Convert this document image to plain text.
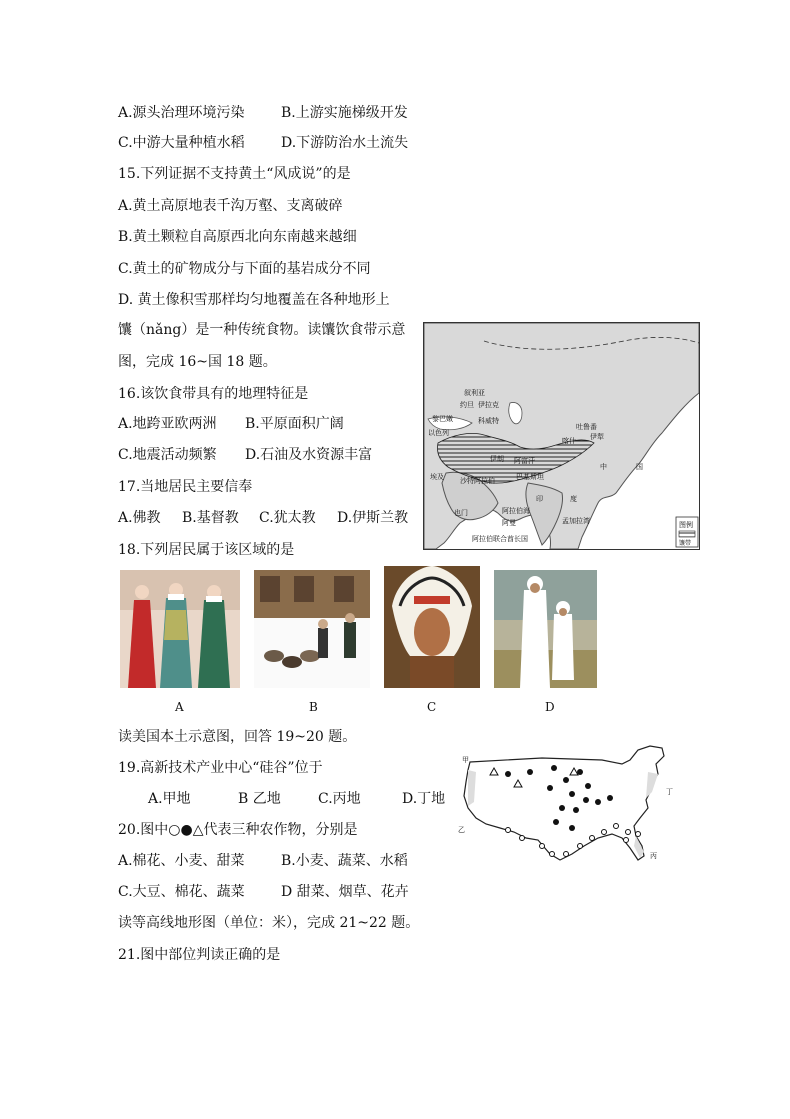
A.源头治理环境污染	B.上游实施梯级开发
C.中游大量种植水稻	D.下游防治水土流失
15.下列证据不支持黄土“风成说”的是
A.黄土高原地表千沟万壑、支离破碎
B.黄土颗粒自高原西北向东南越来越细
C.黄土的矿物成分与下面的基岩成分不同
D. 黄土像积雪那样均匀地覆盖在各种地形上
馕（nǎng）是一种传统食物。读馕饮食带示意
图，完成 16~国 18 题。
16.该饮食带具有的地理特征是
A.地跨亚欧两洲 B.平原面积广阔
C.地震活动频繁 D.石油及水资源丰富
17.当地居民主要信奉
A.佛教 B.基督教 C.犹太教 D.伊斯兰教
18.下列居民属于该区域的是
叙利亚
约旦 伊拉克
黎巴嫩
以色列
科威特
埃及
伊朗
沙特阿拉伯
阿富汗
巴基斯坦
喀什
吐鲁番
伊犁
中	国
印	度
阿拉伯海
阿曼
阿拉伯联合酋长国
也门
孟加拉湾	图例
馕带
A	B	C	D
读美国本土示意图，回答 19~20 题。
19.高新技术产业中心“硅谷”位于
A.甲地	B 乙地	C.丙地	D.丁地
20.图中○●△代表三种农作物，分别是
A.棉花、小麦、甜菜	B.小麦、蔬菜、水稻
C.大豆、棉花、蔬菜	D 甜菜、烟草、花卉
读等高线地形图（单位：米），完成 21~22 题。
21.图中部位判读正确的是
甲
乙
丙
丁
